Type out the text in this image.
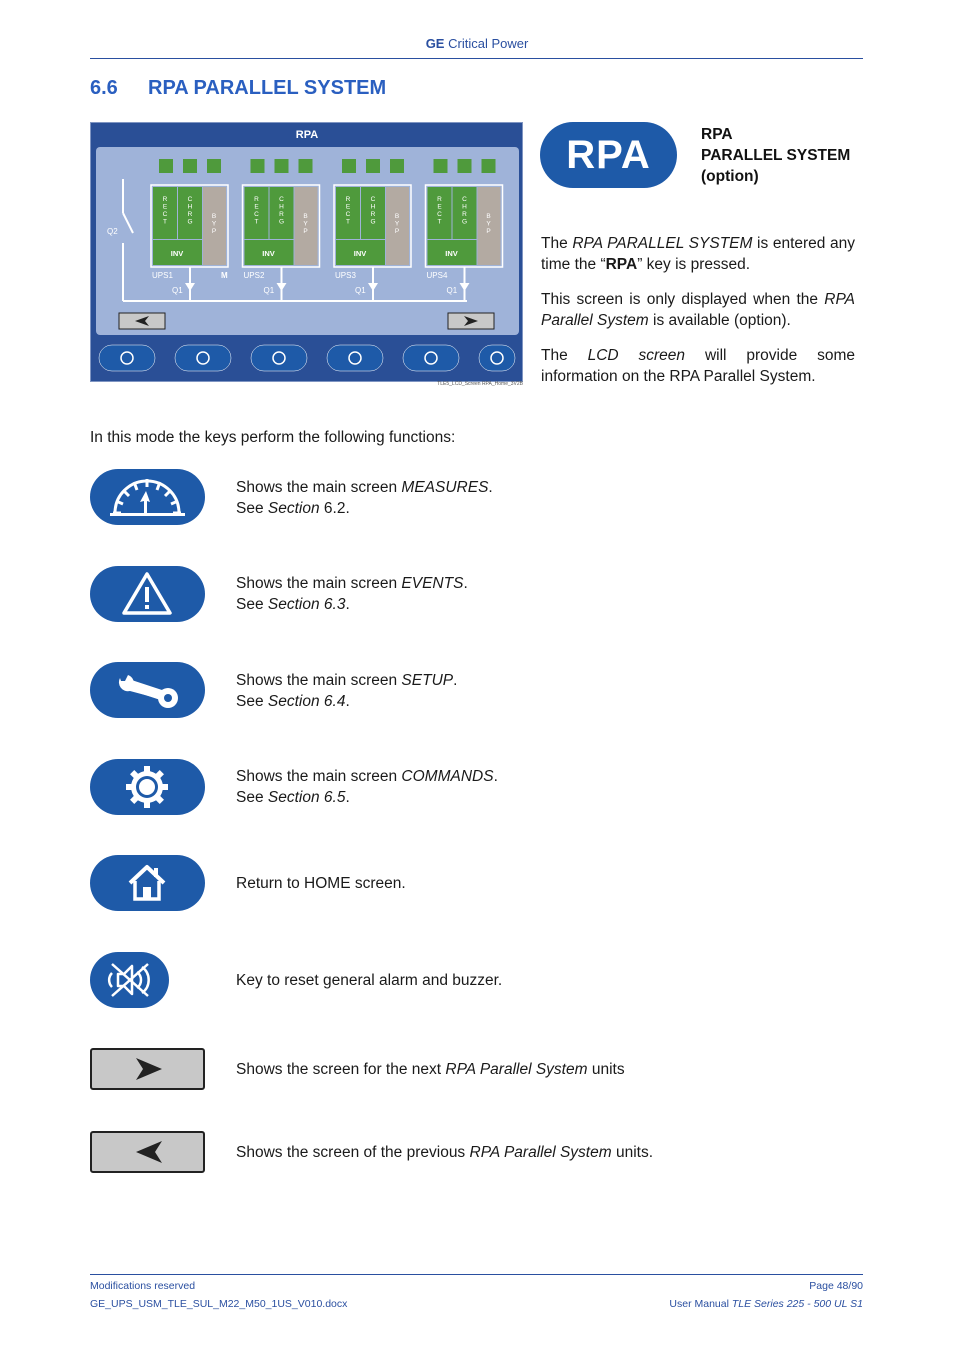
GE Critical Power
6.6 RPA PARALLEL SYSTEM
RPA
Q2
R E C T
C H R G
B Y P
INV
UPS1
Q1
M
R E C T
C H R G
B Y P
INV
UPS2
Q1
R E C T
C H R G
B Y P
INV
UPS3
Q1
R E C T
C H R G
B Y P
INV
UPS4
Q1
TLE5_LCD_Screen RPA_Home_3V2B
RPA	RPA
PARALLEL SYSTEM
(option)
The RPA PARALLEL SYSTEM is entered any time the “RPA” key is pressed.
This screen is only displayed when the RPA Parallel System is available (option).
The LCD screen will provide some information on the RPA Parallel System.
In this mode the keys perform the following functions:
Shows the main screen MEASURES.
See Section 6.2.
Shows the main screen EVENTS.
See Section 6.3.
Shows the main screen SETUP.
See Section 6.4.
Shows the main screen COMMANDS.
See Section 6.5.
Return to HOME screen.
Key to reset general alarm and buzzer.
Shows the screen for the next RPA Parallel System units
Shows the screen of the previous RPA Parallel System units.
Modifications reserved
GE_UPS_USM_TLE_SUL_M22_M50_1US_V010.docx
Page 48/90
User Manual TLE Series 225 - 500 UL S1
